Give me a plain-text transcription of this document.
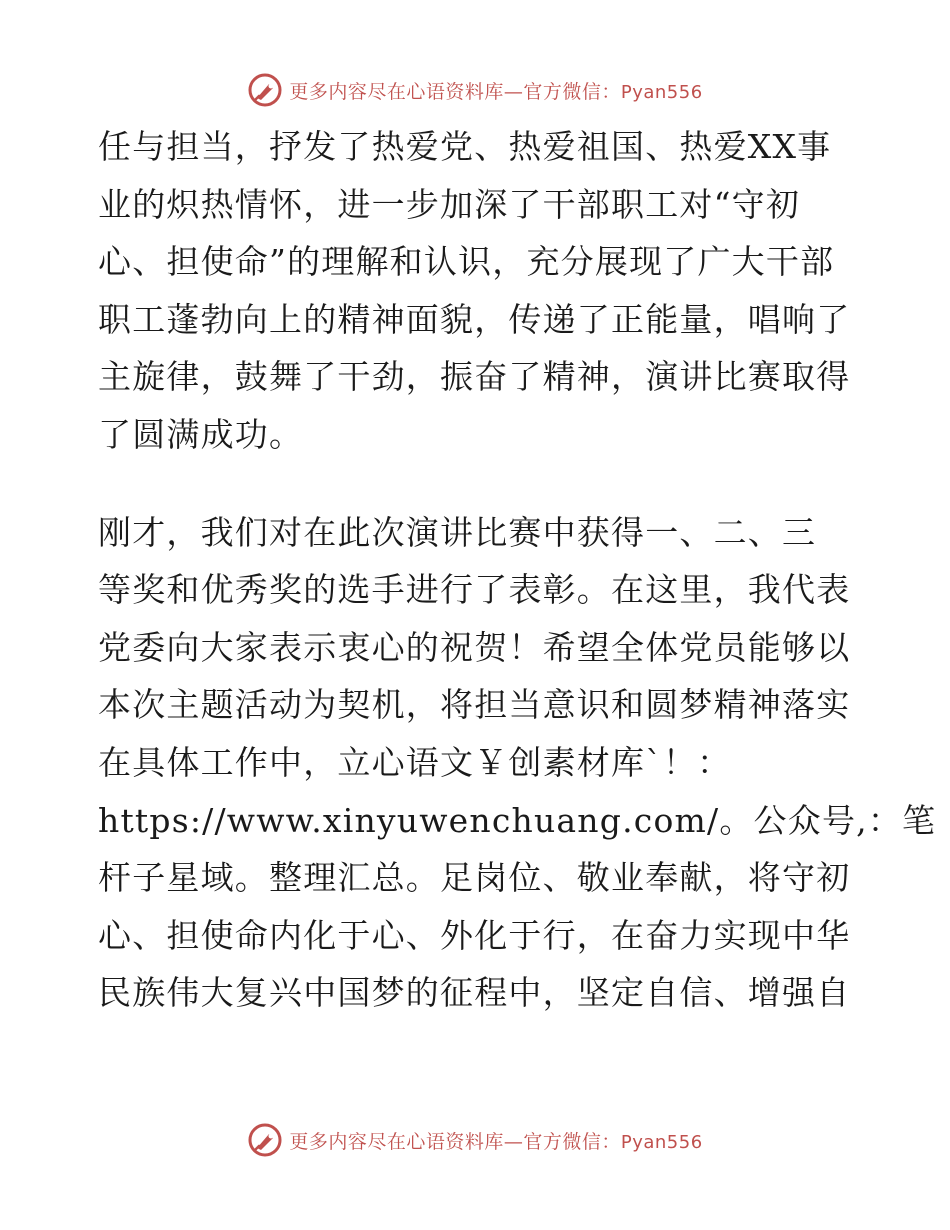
更多内容尽在心语资料库—官方微信：Pyan556
任与担当，抒发了热爱党、热爱祖国、热爱XX事
业的炽热情怀，进一步加深了干部职工对“守初
心、担使命”的理解和认识，充分展现了广大干部
职工蓬勃向上的精神面貌，传递了正能量，唱响了
主旋律，鼓舞了干劲，振奋了精神，演讲比赛取得
了圆满成功。
刚才，我们对在此次演讲比赛中获得一、二、三
等奖和优秀奖的选手进行了表彰。在这里，我代表
党委向大家表示衷心的祝贺！希望全体党员能够以
本次主题活动为契机，将担当意识和圆梦精神落实
在具体工作中，立心语文￥创素材库`！：
https://www.xinyuwenchuang.com/。公众号,：笔
杆子星域。整理汇总。足岗位、敬业奉献，将守初
心、担使命内化于心、外化于行，在奋力实现中华
民族伟大复兴中国梦的征程中，坚定自信、增强自
更多内容尽在心语资料库—官方微信：Pyan556
